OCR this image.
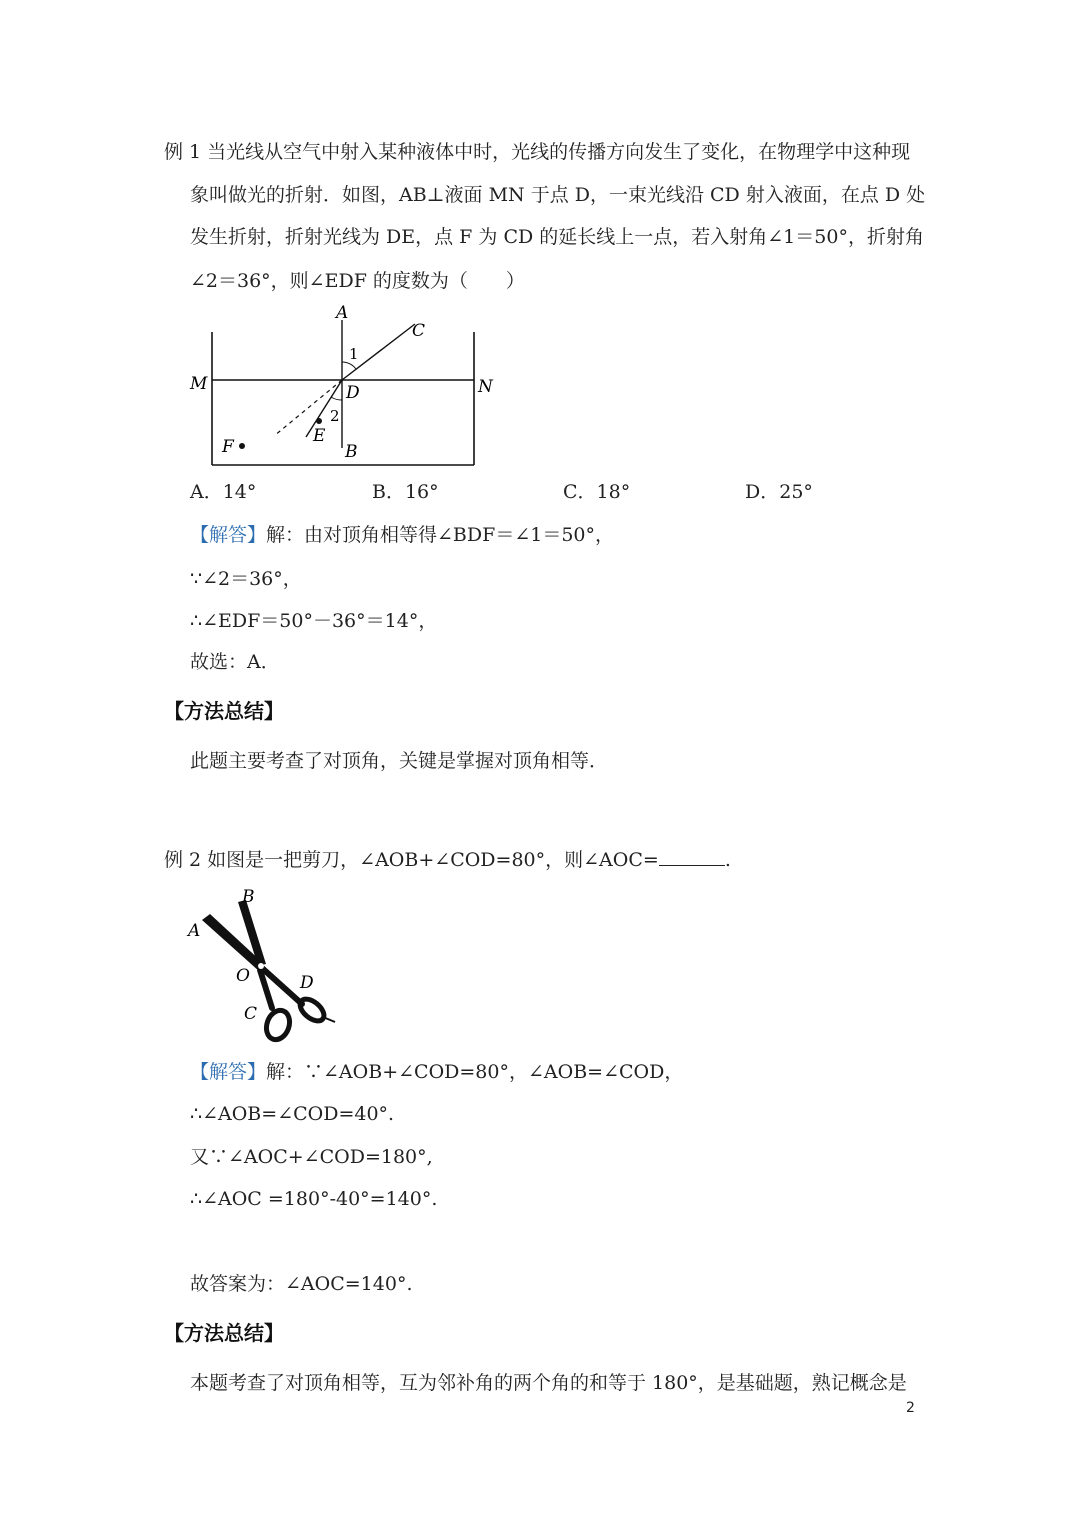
例 1 当光线从空气中射入某种液体中时，光线的传播方向发生了变化，在物理学中这种现
象叫做光的折射．如图，AB⊥液面 MN 于点 D，一束光线沿 CD 射入液面，在点 D 处
发生折射，折射光线为 DE，点 F 为 CD 的延长线上一点，若入射角∠1＝50°，折射角
∠2＝36°，则∠EDF 的度数为（　　）
A
C
1
M	N
D
2
E
F	B
A．14°	B．16°	C．18°	D．25°
【解答】解：由对顶角相等得∠BDF＝∠1＝50°，
∵∠2＝36°，
∴∠EDF＝50°－36°＝14°，
故选：A．
【方法总结】
此题主要考查了对顶角，关键是掌握对顶角相等．
例 2 如图是一把剪刀，∠AOB+∠COD=80°，则∠AOC=	.
A
B
O	D
C
【解答】解：∵∠AOB+∠COD=80°，∠AOB=∠COD，
∴∠AOB=∠COD=40°.
又∵∠AOC+∠COD=180°,
∴∠AOC =180°-40°=140°.
故答案为：∠AOC=140°.
【方法总结】
本题考查了对顶角相等，互为邻补角的两个角的和等于 180°，是基础题，熟记概念是
2
